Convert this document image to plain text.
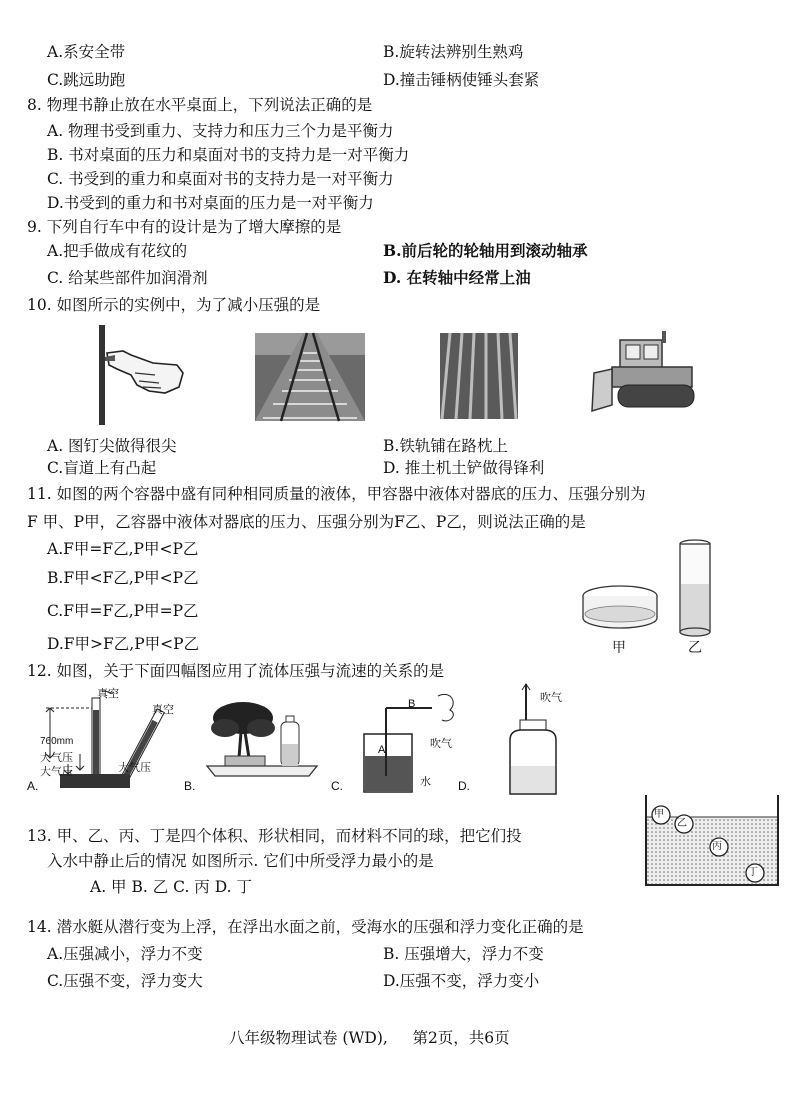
A.系安全带	B.旋转法辨别生熟鸡
C.跳远助跑	D.撞击锤柄使锤头套紧
8. 物理书静止放在水平桌面上，下列说法正确的是
A. 物理书受到重力、支持力和压力三个力是平衡力
B. 书对桌面的压力和桌面对书的支持力是一对平衡力
C. 书受到的重力和桌面对书的支持力是一对平衡力
D.书受到的重力和书对桌面的压力是一对平衡力
9. 下列自行车中有的设计是为了增大摩擦的是
A.把手做成有花纹的	B.前后轮的轮轴用到滚动轴承
C. 给某些部件加润滑剂	D. 在转轴中经常上油
10. 如图所示的实例中，为了减小压强的是
A. 图钉尖做得很尖	B.铁轨铺在路枕上
C.盲道上有凸起	D. 推土机土铲做得锋利
11. 如图的两个容器中盛有同种相同质量的液体，甲容器中液体对器底的压力、压强分别为
F 甲、P甲，乙容器中液体对器底的压力、压强分别为F乙、P乙，则说法正确的是
A.F甲=F乙,P甲<P乙
B.F甲<F乙,P甲<P乙
C.F甲=F乙,P甲=P乙
D.F甲>F乙,P甲<P乙	甲	乙
12. 如图，关于下面四幅图应用了流体压强与流速的关系的是
真空
真空
760mm
大气压
大气压
大气压
A.	B.
B
A	吹气
水
C.
吹气
D.
13. 甲、乙、丙、丁是四个体积、形状相同，而材料不同的球，把它们投
入水中静止后的情况 如图所示. 它们中所受浮力最小的是
A. 甲 B. 乙 C. 丙 D. 丁
甲
乙
丙
丁
14. 潜水艇从潜行变为上浮，在浮出水面之前，受海水的压强和浮力变化正确的是
A.压强减小，浮力不变	B. 压强增大，浮力不变
C.压强不变，浮力变大	D.压强不变，浮力变小
八年级物理试卷 (WD),     第2页，共6页
